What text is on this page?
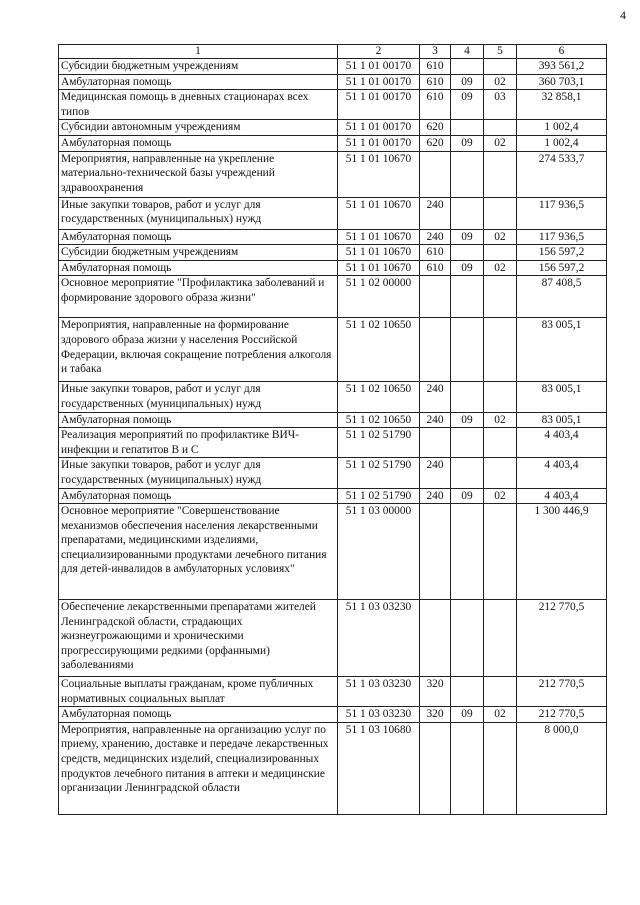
4
1	2	3	4	5	6
Субсидии бюджетным учреждениям	51 1 01 00170	610			393 561,2
Амбулаторная помощь	51 1 01 00170	610	09	02	360 703,1
Медицинская помощь в дневных стационарах всех типов	51 1 01 00170	610	09	03	32 858,1
Субсидии автономным учреждениям	51 1 01 00170	620			1 002,4
Амбулаторная помощь	51 1 01 00170	620	09	02	1 002,4
Мероприятия, направленные на укрепление материально-технической базы учреждений здравоохранения	51 1 01 10670				274 533,7
Иные закупки товаров, работ и услуг для государственных (муниципальных) нужд	51 1 01 10670	240			117 936,5
Амбулаторная помощь	51 1 01 10670	240	09	02	117 936,5
Субсидии бюджетным учреждениям	51 1 01 10670	610			156 597,2
Амбулаторная помощь	51 1 01 10670	610	09	02	156 597,2
Основное мероприятие "Профилактика заболеваний и формирование здорового образа жизни"	51 1 02 00000				87 408,5
Мероприятия, направленные на формирование здорового образа жизни у населения Российской Федерации, включая сокращение потребления алкоголя и табака	51 1 02 10650				83 005,1
Иные закупки товаров, работ и услуг для государственных (муниципальных) нужд	51 1 02 10650	240			83 005,1
Амбулаторная помощь	51 1 02 10650	240	09	02	83 005,1
Реализация мероприятий по профилактике ВИЧ-инфекции и гепатитов B и C	51 1 02 51790				4 403,4
Иные закупки товаров, работ и услуг для государственных (муниципальных) нужд	51 1 02 51790	240			4 403,4
Амбулаторная помощь	51 1 02 51790	240	09	02	4 403,4
Основное мероприятие "Совершенствование механизмов обеспечения населения лекарственными препаратами, медицинскими изделиями, специализированными продуктами лечебного питания для детей-инвалидов в амбулаторных условиях"	51 1 03 00000				1 300 446,9
Обеспечение лекарственными препаратами жителей Ленинградской области, страдающих жизнеугрожающими и хроническими прогрессирующими редкими (орфанными) заболеваниями	51 1 03 03230				212 770,5
Социальные выплаты гражданам, кроме публичных нормативных социальных выплат	51 1 03 03230	320			212 770,5
Амбулаторная помощь	51 1 03 03230	320	09	02	212 770,5
Мероприятия, направленные на организацию услуг по приему, хранению, доставке и передаче лекарственных средств, медицинских изделий, специализированных продуктов лечебного питания в аптеки и медицинские организации Ленинградской области	51 1 03 10680				8 000,0
